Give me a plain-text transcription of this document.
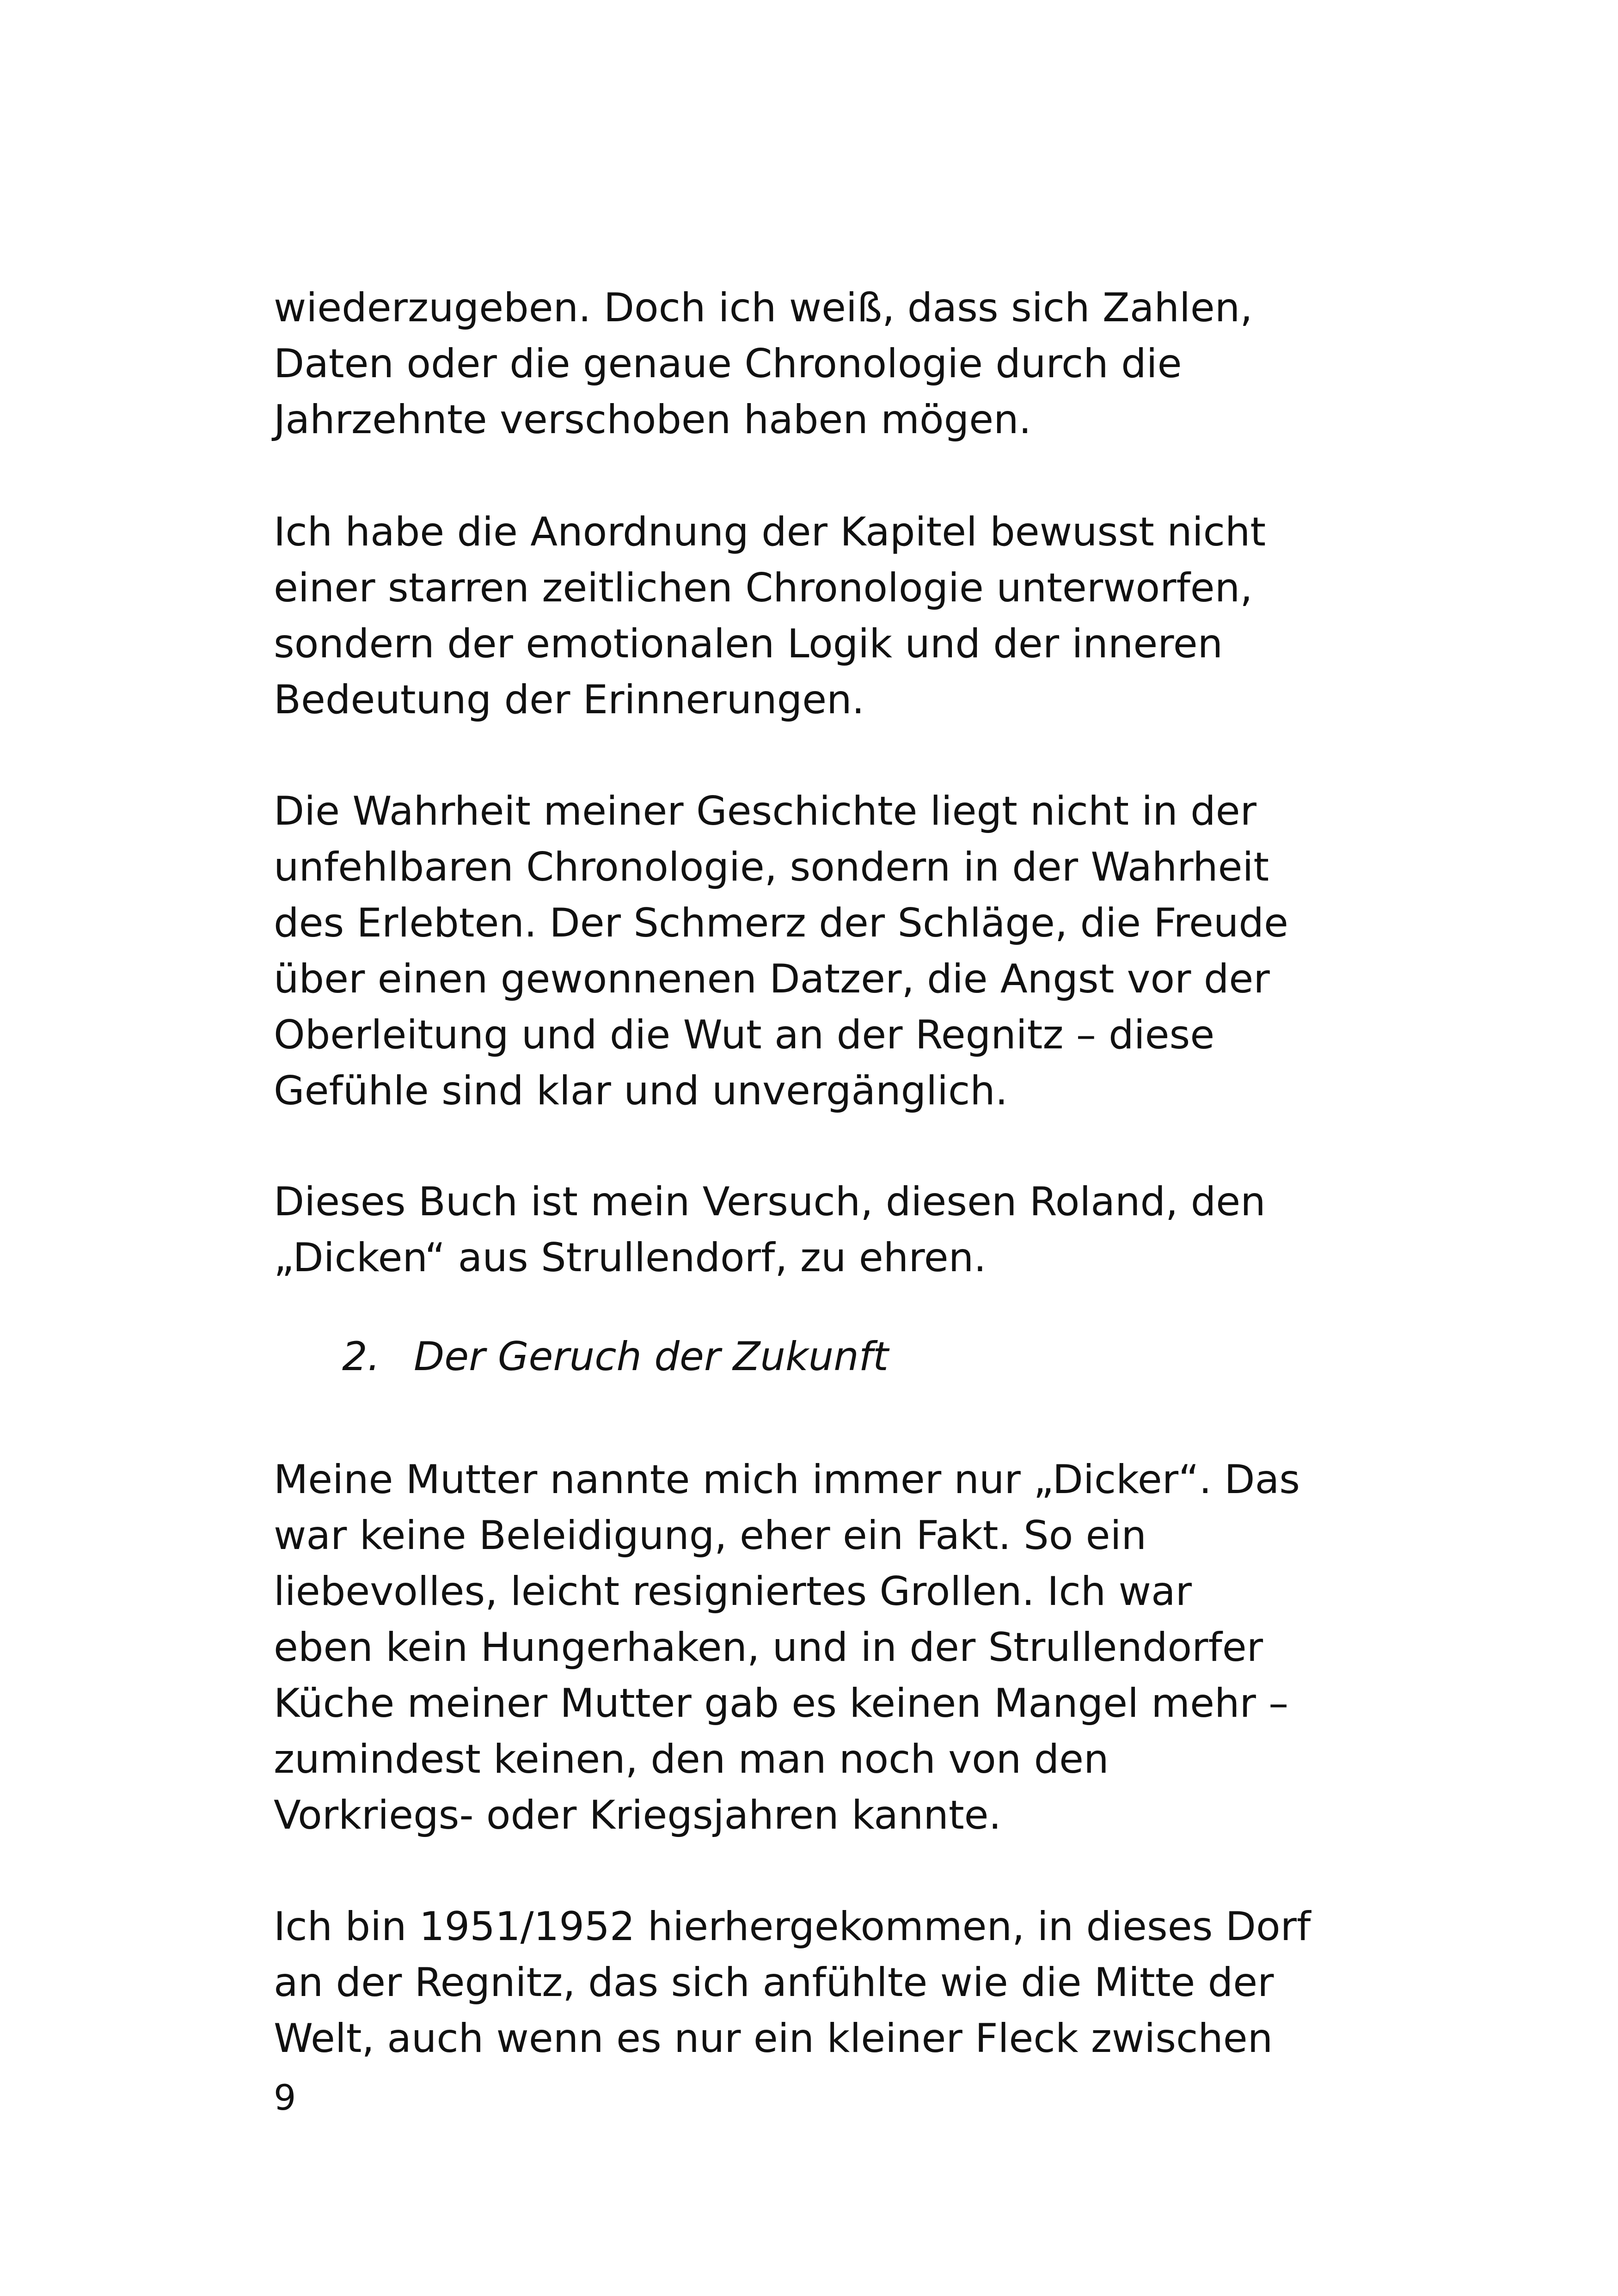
wiederzugeben. Doch ich weiß, dass sich Zahlen,
Daten oder die genaue Chronologie durch die
Jahrzehnte verschoben haben mögen.
Ich habe die Anordnung der Kapitel bewusst nicht
einer starren zeitlichen Chronologie unterworfen,
sondern der emotionalen Logik und der inneren
Bedeutung der Erinnerungen.
Die Wahrheit meiner Geschichte liegt nicht in der
unfehlbaren Chronologie, sondern in der Wahrheit
des Erlebten. Der Schmerz der Schläge, die Freude
über einen gewonnenen Datzer, die Angst vor der
Oberleitung und die Wut an der Regnitz – diese
Gefühle sind klar und unvergänglich.
Dieses Buch ist mein Versuch, diesen Roland, den
„Dicken“ aus Strullendorf, zu ehren.
2. Der Geruch der Zukunft
Meine Mutter nannte mich immer nur „Dicker“. Das
war keine Beleidigung, eher ein Fakt. So ein
liebevolles, leicht resigniertes Grollen. Ich war
eben kein Hungerhaken, und in der Strullendorfer
Küche meiner Mutter gab es keinen Mangel mehr –
zumindest keinen, den man noch von den
Vorkriegs- oder Kriegsjahren kannte.
Ich bin 1951/1952 hierhergekommen, in dieses Dorf
an der Regnitz, das sich anfühlte wie die Mitte der
Welt, auch wenn es nur ein kleiner Fleck zwischen
9
